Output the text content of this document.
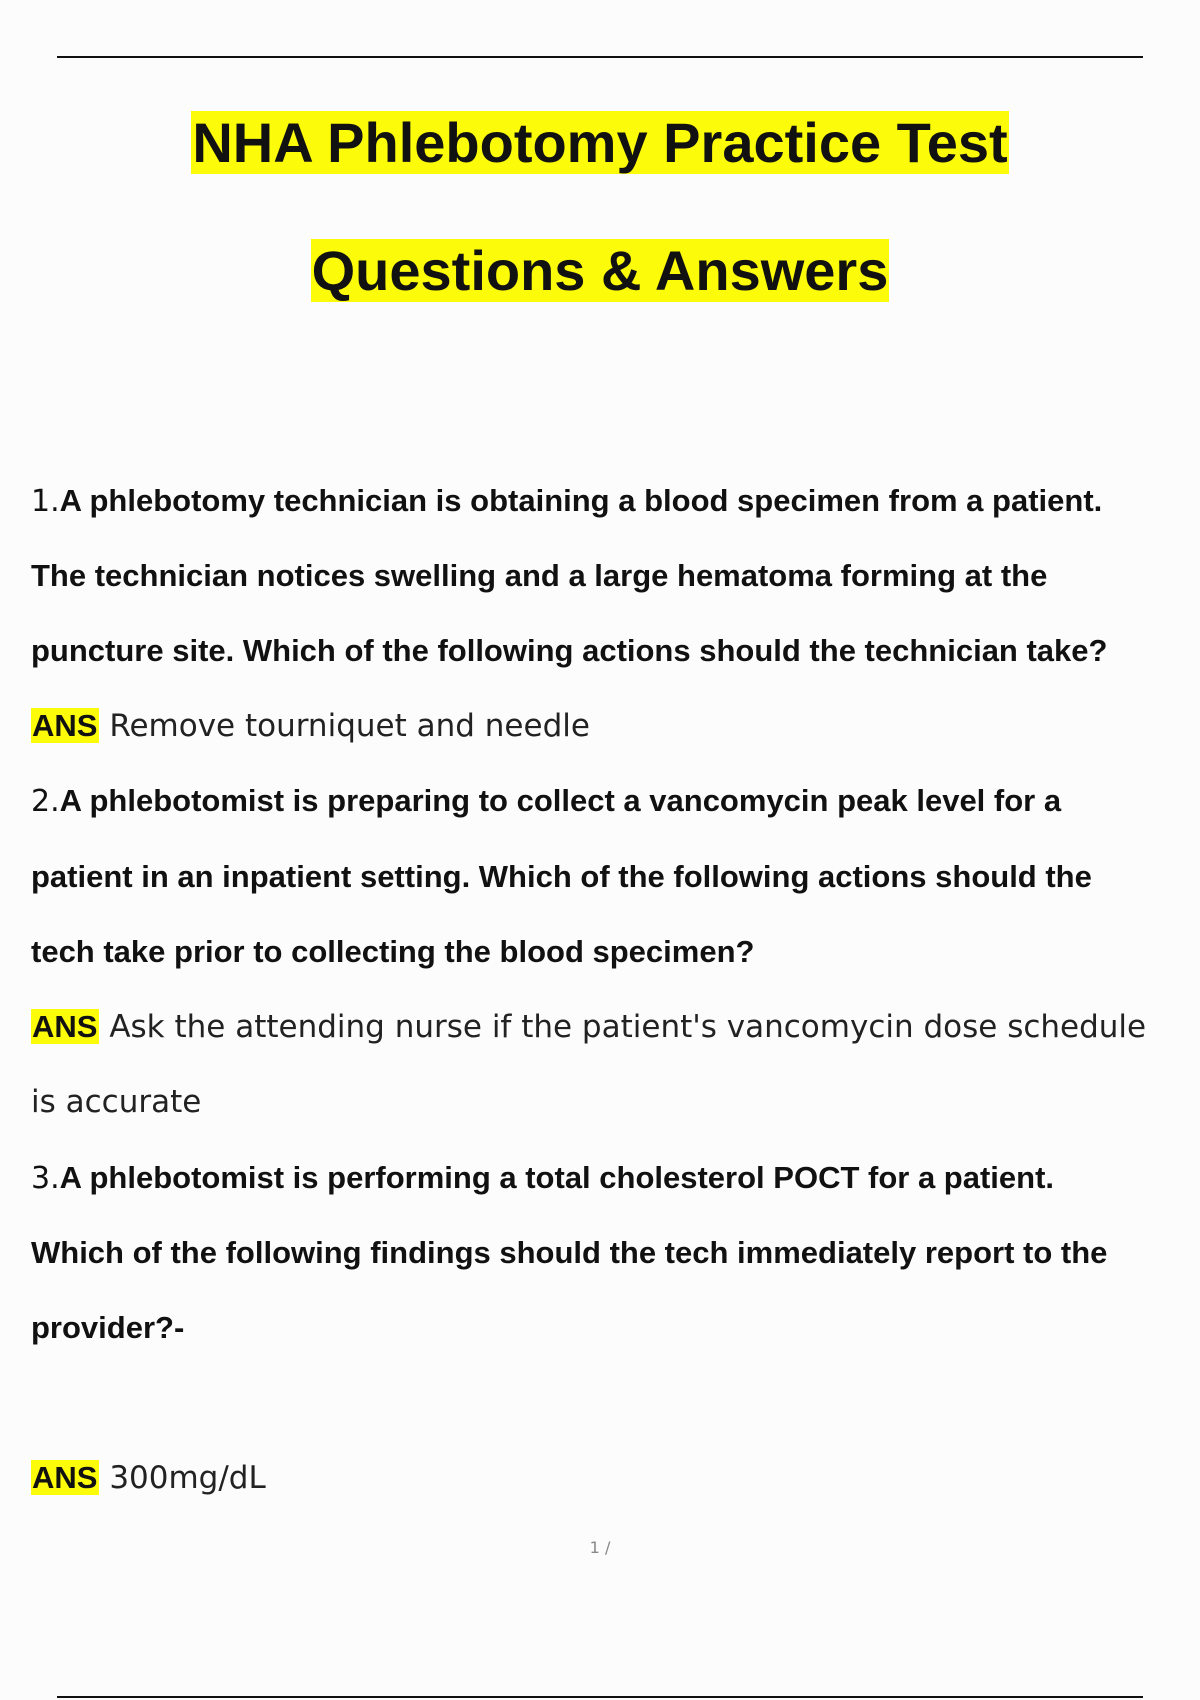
NHA Phlebotomy Practice Test
Questions & Answers
1.A phlebotomy technician is obtaining a blood specimen from a patient.
The technician notices swelling and a large hematoma forming at the
puncture site. Which of the following actions should the technician take?
ANS Remove tourniquet and needle
2.A phlebotomist is preparing to collect a vancomycin peak level for a
patient in an inpatient setting. Which of the following actions should the
tech take prior to collecting the blood specimen?
ANS Ask the attending nurse if the patient's vancomycin dose schedule
is accurate
3.A phlebotomist is performing a total cholesterol POCT for a patient.
Which of the following findings should the tech immediately report to the
provider?-
ANS 300mg/dL
1 /
